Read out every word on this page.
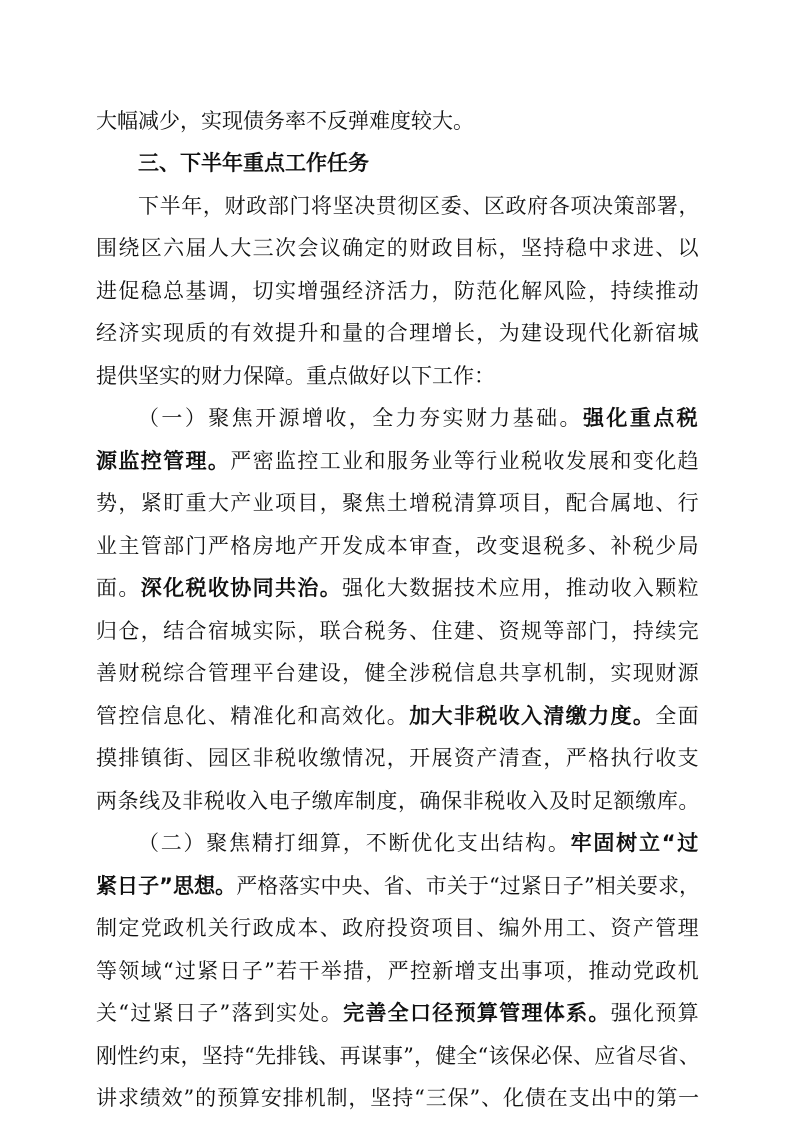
大幅减少，实现债务率不反弹难度较大。
三、下半年重点工作任务
下半年，财政部门将坚决贯彻区委、区政府各项决策部署，
围绕区六届人大三次会议确定的财政目标，坚持稳中求进、以
进促稳总基调，切实增强经济活力，防范化解风险，持续推动
经济实现质的有效提升和量的合理增长，为建设现代化新宿城
提供坚实的财力保障。重点做好以下工作：
（一）聚焦开源增收，全力夯实财力基础。强化重点税
源监控管理。严密监控工业和服务业等行业税收发展和变化趋
势，紧盯重大产业项目，聚焦土增税清算项目，配合属地、行
业主管部门严格房地产开发成本审查，改变退税多、补税少局
面。深化税收协同共治。强化大数据技术应用，推动收入颗粒
归仓，结合宿城实际，联合税务、住建、资规等部门，持续完
善财税综合管理平台建设，健全涉税信息共享机制，实现财源
管控信息化、精准化和高效化。加大非税收入清缴力度。全面
摸排镇街、园区非税收缴情况，开展资产清查，严格执行收支
两条线及非税收入电子缴库制度，确保非税收入及时足额缴库。
（二）聚焦精打细算，不断优化支出结构。牢固树立“过
紧日子”思想。严格落实中央、省、市关于“过紧日子”相关要求，
制定党政机关行政成本、政府投资项目、编外用工、资产管理
等领域“过紧日子”若干举措，严控新增支出事项，推动党政机
关“过紧日子”落到实处。完善全口径预算管理体系。强化预算
刚性约束，坚持“先排钱、再谋事”，健全“该保必保、应省尽省、
讲求绩效”的预算安排机制，坚持“三保”、化债在支出中的第一
